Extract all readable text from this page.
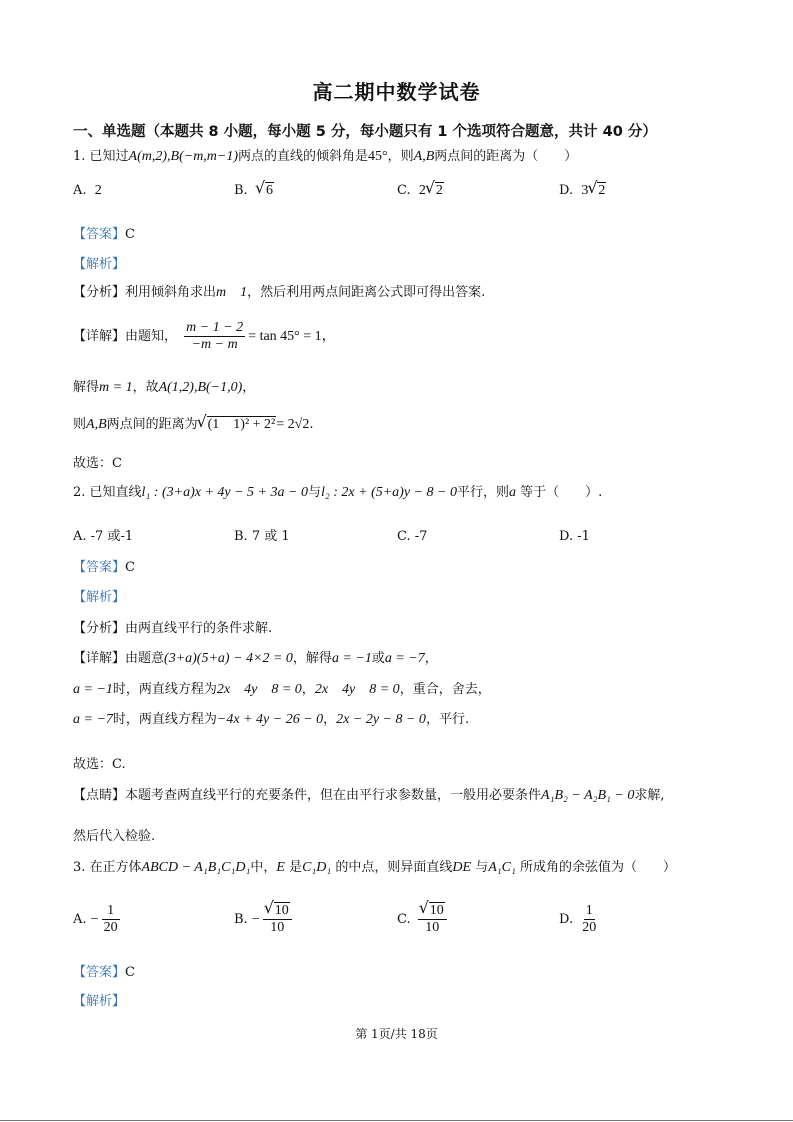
高二期中数学试卷
一、单选题（本题共 8 小题，每小题 5 分，每小题只有 1 个选项符合题意，共计 40 分）
1. 已知过A(m,2),B(−m,m−1)两点的直线的倾斜角是45°，则A,B两点间的距离为（　　）
A. 2	B. √ 6	C. 2 √ 2	D. 3 √ 2
【答案】C
【解析】
【分析】利用倾斜角求出m　1，然后利用两点间距离公式即可得出答案.
【详解】由题知， $\frac{m - 1 - 2}{-m - m} = \tan 45^\circ = 1$，
解得m = 1，故A(1,2),B(−1,0)，
则A,B两点间的距离为 √ (1　1)² + 2²= 2√2.
故选：C
2. 已知直线l₁ : (3+a)x + 4y − 5 + 3a − 0与l₂ : 2x + (5+a)y − 8 − 0平行，则a 等于（　　）.
A. -7 或-1	B. 7 或 1	C. -7	D. -1
【答案】C
【解析】
【分析】由两直线平行的条件求解.
【详解】由题意(3+a)(5+a) − 4×2 = 0，解得a = −1或a = −7，
a = −1时，两直线方程为2x　4y　8 = 0，2x　4y　8 = 0，重合，舍去，
a = −7时，两直线方程为−4x + 4y − 26 − 0，2x − 2y − 8 − 0，平行.
故选：C.
【点睛】本题考查两直线平行的充要条件，但在由平行求参数量，一般用必要条件A₁B₂ − A₂B₁ − 0求解,
然后代入检验.
3. 在正方体ABCD − A₁B₁C₁D₁中，E 是C₁D₁ 的中点，则异面直线DE 与A₁C₁ 所成角的余弦值为（　　）
A. − $\frac{1}{20}$	B. − √ $\frac{10}{10}$	C. √ $\frac{10}{10}$	D. $\frac{1}{20}$
【答案】C
【解析】
第 1页/共 18页
